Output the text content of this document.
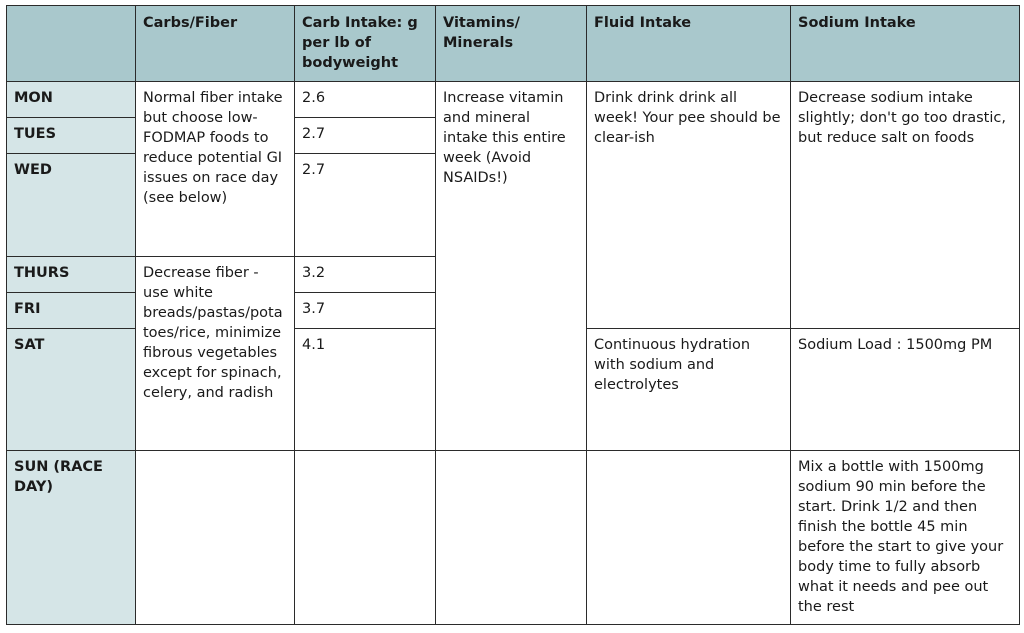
	Carbs/Fiber	Carb Intake: g per lb of bodyweight	Vitamins/ Minerals	Fluid Intake	Sodium Intake
MON	Normal fiber intake but choose low-FODMAP foods to reduce potential GI issues on race day (see below)	2.6	Increase vitamin and mineral intake this entire week (Avoid NSAIDs!)	Drink drink drink all week! Your pee should be clear-ish	Decrease sodium intake slightly; don't go too drastic, but reduce salt on foods
TUES		2.7			
WED		2.7			
THURS	Decrease fiber - use white breads/pastas/potatoes/rice, minimize fibrous vegetables except for spinach, celery, and radish	3.2			
FRI		3.7			
SAT		4.1		Continuous hydration with sodium and electrolytes	Sodium Load : 1500mg PM
SUN (RACE DAY)					Mix a bottle with 1500mg sodium 90 min before the start. Drink 1/2 and then finish the bottle 45 min before the start to give your body time to fully absorb what it needs and pee out the rest
